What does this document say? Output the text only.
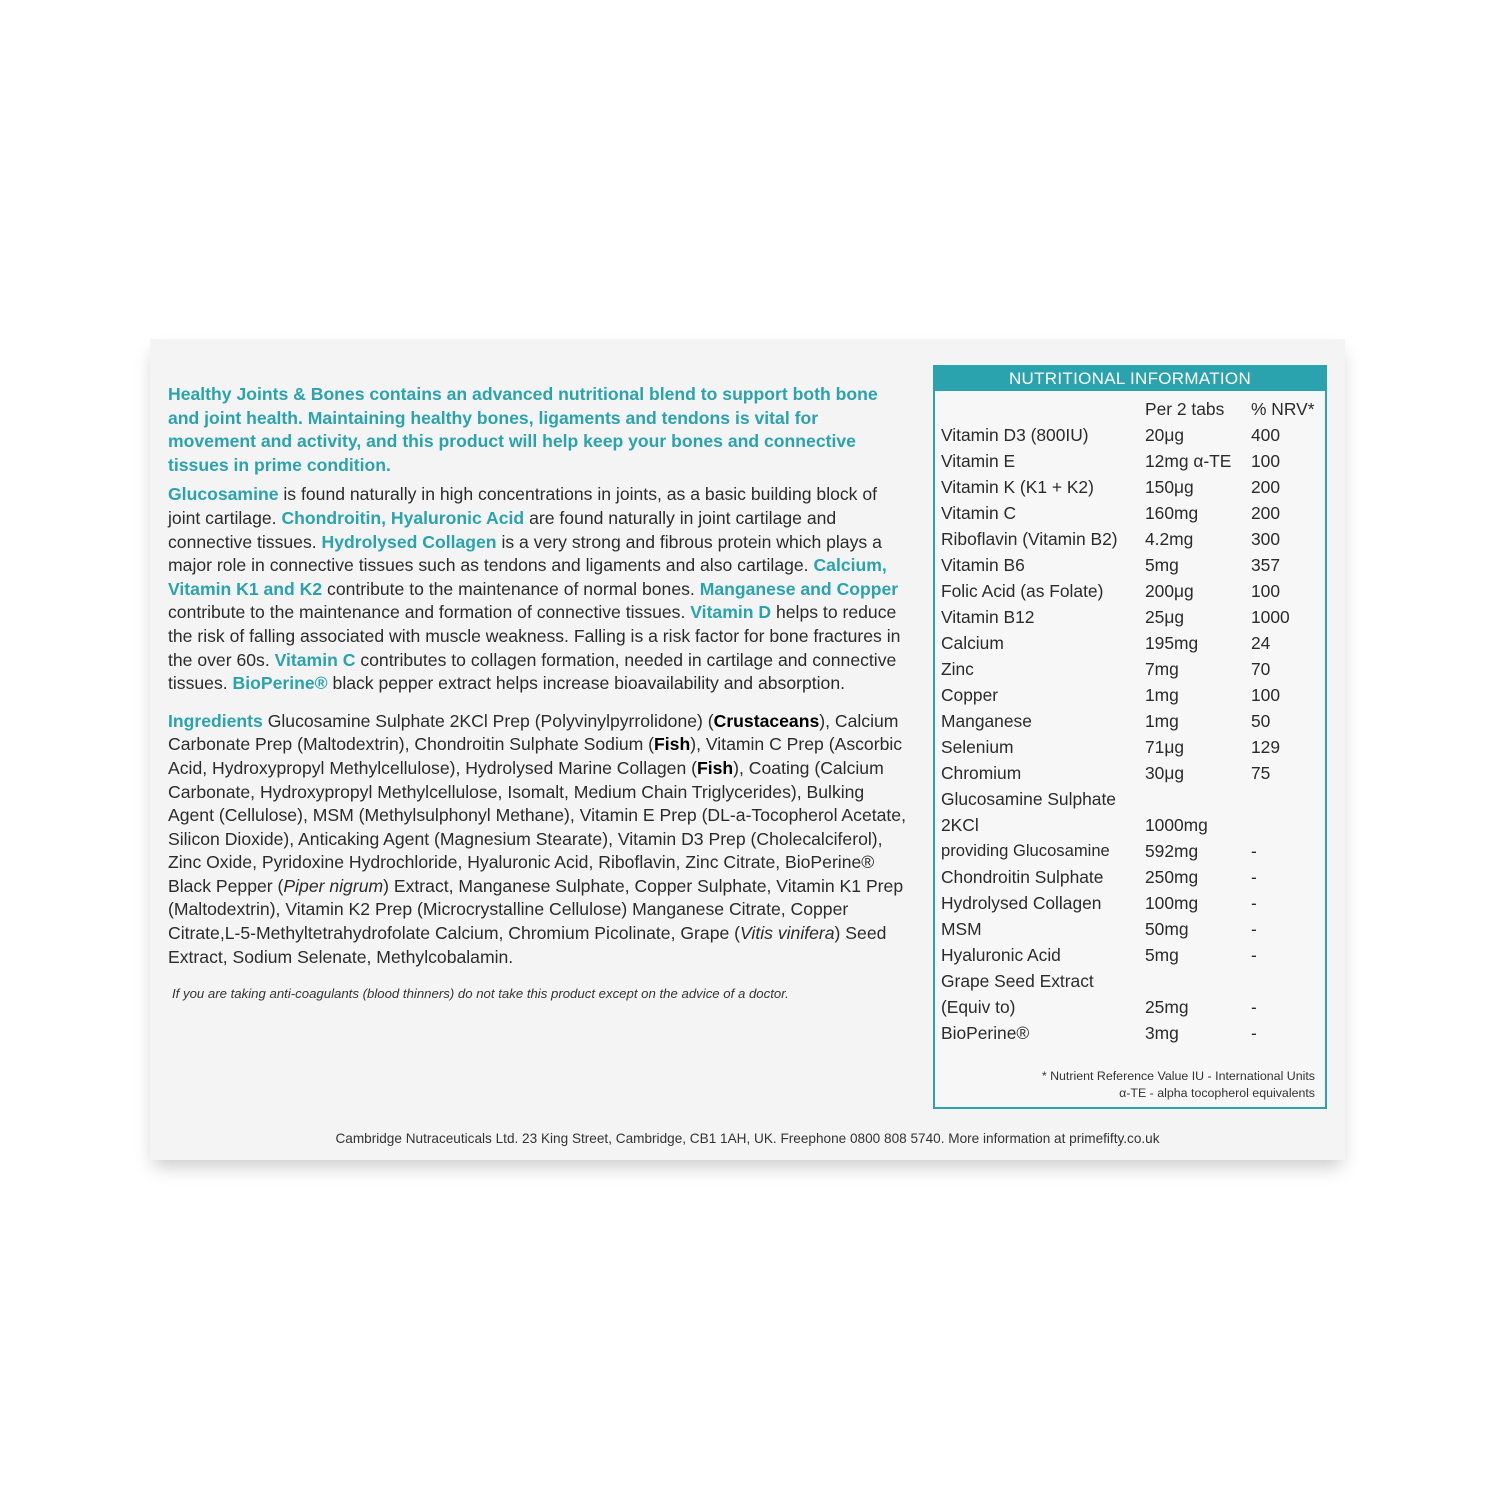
Healthy Joints & Bones contains an advanced nutritional blend to support both bone and joint health. Maintaining healthy bones, ligaments and tendons is vital for movement and activity, and this product will help keep your bones and connective tissues in prime condition.

Glucosamine is found naturally in high concentrations in joints, as a basic building block of joint cartilage. Chondroitin, Hyaluronic Acid are found naturally in joint cartilage and connective tissues. Hydrolysed Collagen is a very strong and fibrous protein which plays a major role in connective tissues such as tendons and ligaments and also cartilage. Calcium, Vitamin K1 and K2 contribute to the maintenance of normal bones. Manganese and Copper contribute to the maintenance and formation of connective tissues. Vitamin D helps to reduce the risk of falling associated with muscle weakness. Falling is a risk factor for bone fractures in the over 60s. Vitamin C contributes to collagen formation, needed in cartilage and connective tissues. BioPerine® black pepper extract helps increase bioavailability and absorption.

Ingredients Glucosamine Sulphate 2KCl Prep (Polyvinylpyrrolidone) (Crustaceans), Calcium Carbonate Prep (Maltodextrin), Chondroitin Sulphate Sodium (Fish), Vitamin C Prep (Ascorbic Acid, Hydroxypropyl Methylcellulose), Hydrolysed Marine Collagen (Fish), Coating (Calcium Carbonate, Hydroxypropyl Methylcellulose, Isomalt, Medium Chain Triglycerides), Bulking Agent (Cellulose), MSM (Methylsulphonyl Methane), Vitamin E Prep (DL-a-Tocopherol Acetate, Silicon Dioxide), Anticaking Agent (Magnesium Stearate), Vitamin D3 Prep (Cholecalciferol), Zinc Oxide, Pyridoxine Hydrochloride, Hyaluronic Acid, Riboflavin, Zinc Citrate, BioPerine® Black Pepper (Piper nigrum) Extract, Manganese Sulphate, Copper Sulphate, Vitamin K1 Prep (Maltodextrin), Vitamin K2 Prep (Microcrystalline Cellulose) Manganese Citrate, Copper Citrate,L-5-Methyltetrahydrofolate Calcium, Chromium Picolinate, Grape (Vitis vinifera) Seed Extract, Sodium Selenate, Methylcobalamin.

If you are taking anti-coagulants (blood thinners) do not take this product except on the advice of a doctor.

NUTRITIONAL INFORMATION
	Per 2 tabs	% NRV*
Vitamin D3 (800IU)	20μg	400
Vitamin E	12mg α-TE	100
Vitamin K (K1 + K2)	150μg	200
Vitamin C	160mg	200
Riboflavin (Vitamin B2)	4.2mg	300
Vitamin B6	5mg	357
Folic Acid (as Folate)	200μg	100
Vitamin B12	25μg	1000
Calcium	195mg	24
Zinc	7mg	70
Copper	1mg	100
Manganese	1mg	50
Selenium	71μg	129
Chromium	30μg	75
Glucosamine Sulphate		
2KCl	1000mg	
providing Glucosamine	592mg	-
Chondroitin Sulphate	250mg	-
Hydrolysed Collagen	100mg	-
MSM	50mg	-
Hyaluronic Acid	5mg	-
Grape Seed Extract		
(Equiv to)	25mg	-
BioPerine®	3mg	-
* Nutrient Reference Value IU - International Units
α-TE - alpha tocopherol equivalents
Cambridge Nutraceuticals Ltd. 23 King Street, Cambridge, CB1 1AH, UK. Freephone 0800 808 5740. More information at primefifty.co.uk
